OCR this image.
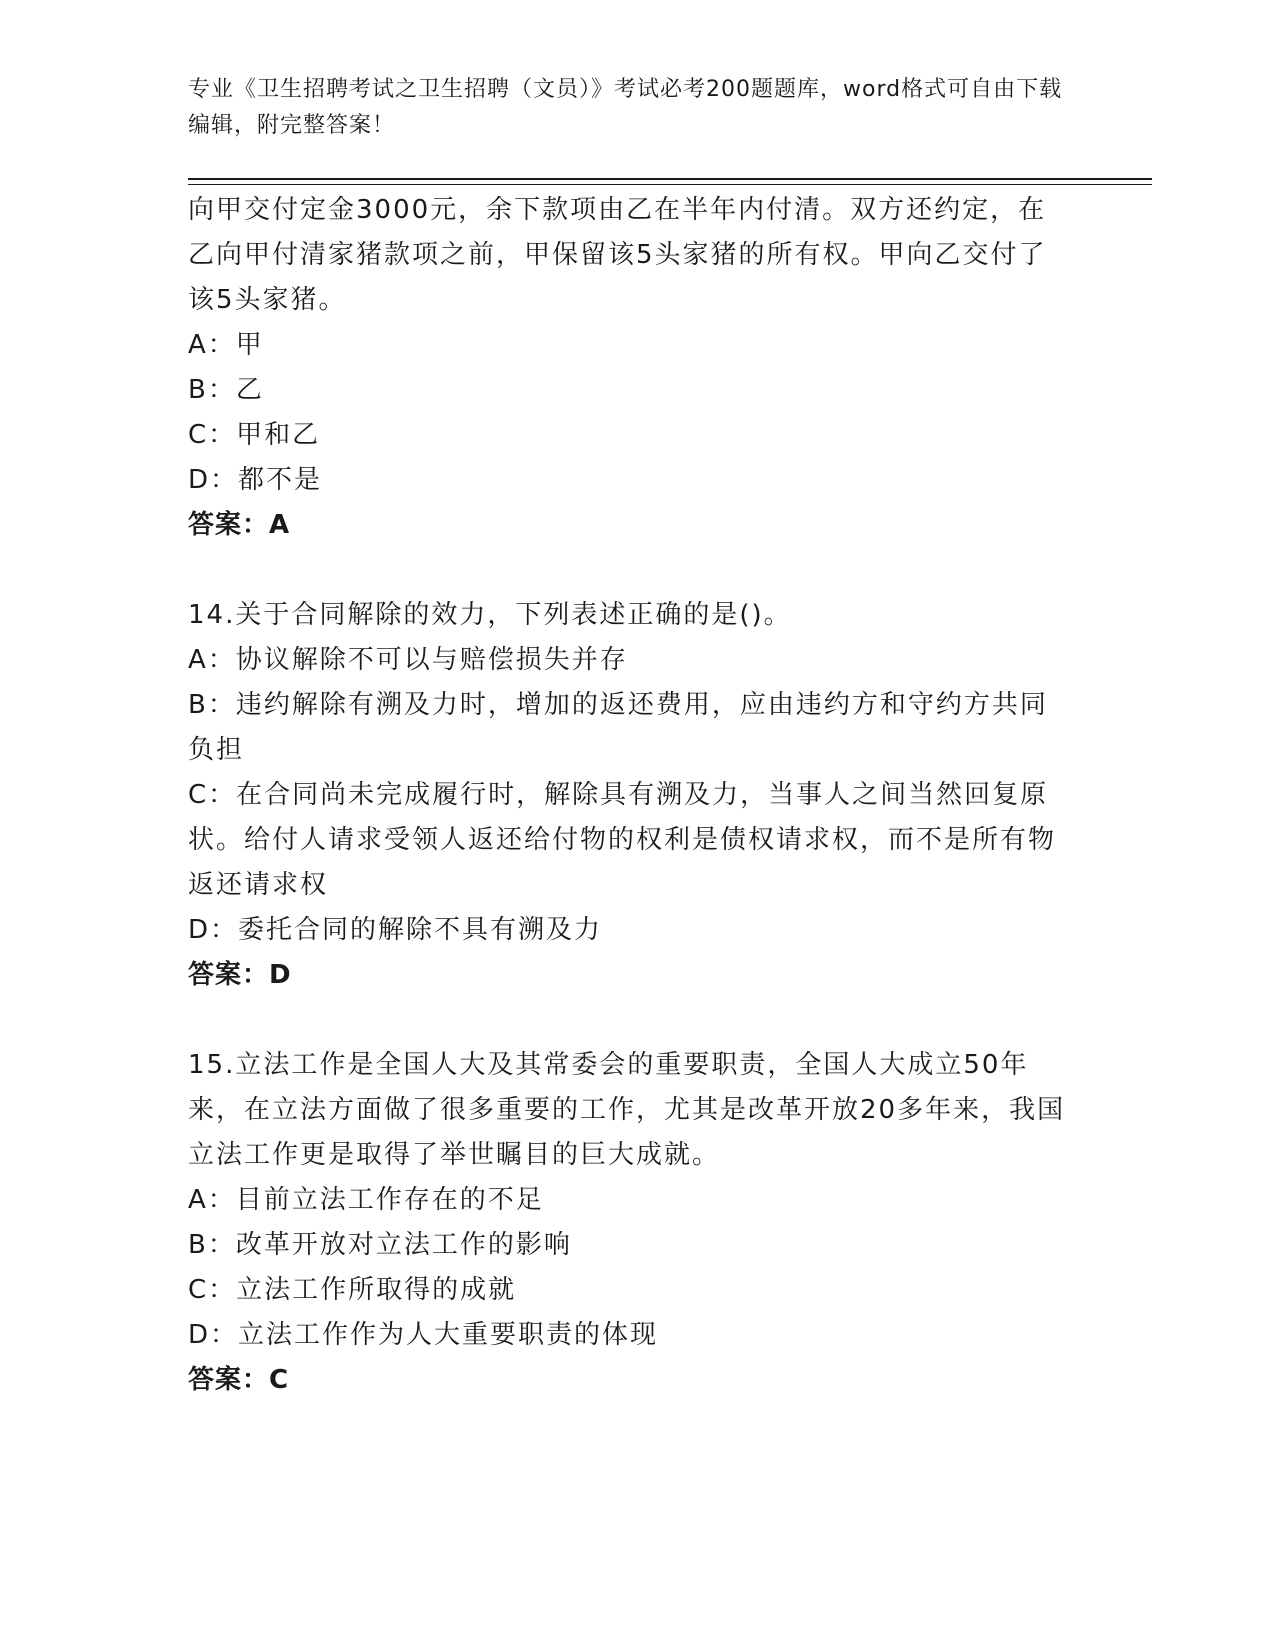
专业《卫生招聘考试之卫生招聘（文员）》考试必考200题题库，word格式可自由下载编辑，附完整答案！

向甲交付定金3000元，余下款项由乙在半年内付清。双方还约定，在乙向甲付清家猪款项之前，甲保留该5头家猪的所有权。甲向乙交付了该5头家猪。

A：甲

B：乙

C：甲和乙

D：都不是

答案：A

14.关于合同解除的效力，下列表述正确的是()。

A：协议解除不可以与赔偿损失并存

B：违约解除有溯及力时，增加的返还费用，应由违约方和守约方共同负担

C：在合同尚未完成履行时，解除具有溯及力，当事人之间当然回复原状。给付人请求受领人返还给付物的权利是债权请求权，而不是所有物返还请求权

D：委托合同的解除不具有溯及力

答案：D

15.立法工作是全国人大及其常委会的重要职责，全国人大成立50年来，在立法方面做了很多重要的工作，尤其是改革开放20多年来，我国立法工作更是取得了举世瞩目的巨大成就。

A：目前立法工作存在的不足

B：改革开放对立法工作的影响

C：立法工作所取得的成就

D：立法工作作为人大重要职责的体现

答案：C
